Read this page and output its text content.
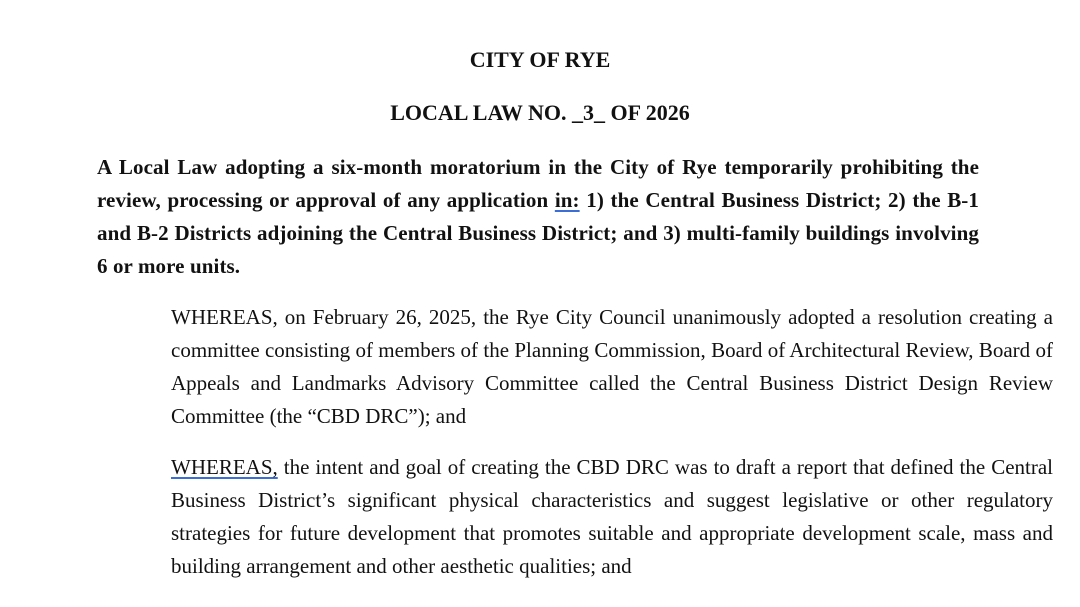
CITY OF RYE
LOCAL LAW NO. _3_ OF 2026
A Local Law adopting a six-month moratorium in the City of Rye temporarily prohibiting the review, processing or approval of any application in: 1) the Central Business District; 2) the B-1 and B-2 Districts adjoining the Central Business District; and 3) multi-family buildings involving 6 or more units.
WHEREAS, on February 26, 2025, the Rye City Council unanimously adopted a resolution creating a committee consisting of members of the Planning Commission, Board of Architectural Review, Board of Appeals and Landmarks Advisory Committee called the Central Business District Design Review Committee (the “CBD DRC”); and
WHEREAS, the intent and goal of creating the CBD DRC was to draft a report that defined the Central Business District’s significant physical characteristics and suggest legislative or other regulatory strategies for future development that promotes suitable and appropriate development scale, mass and building arrangement and other aesthetic qualities; and
